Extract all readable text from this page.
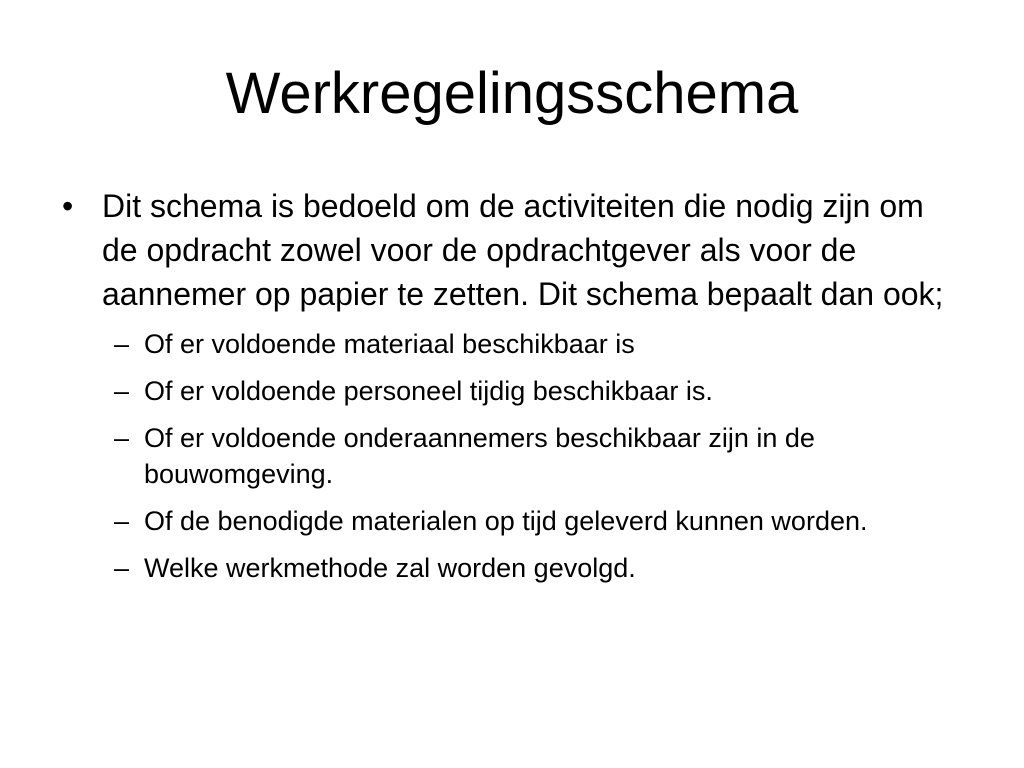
Werkregelingsschema
• Dit schema is bedoeld om de activiteiten die nodig zijn om de opdracht zowel voor de opdrachtgever als voor de aannemer op papier te zetten. Dit schema bepaalt dan ook;
– Of er voldoende materiaal beschikbaar is
– Of er voldoende personeel tijdig beschikbaar is.
– Of er voldoende onderaannemers beschikbaar zijn in de bouwomgeving.
– Of de benodigde materialen op tijd geleverd kunnen worden.
– Welke werkmethode zal worden gevolgd.
